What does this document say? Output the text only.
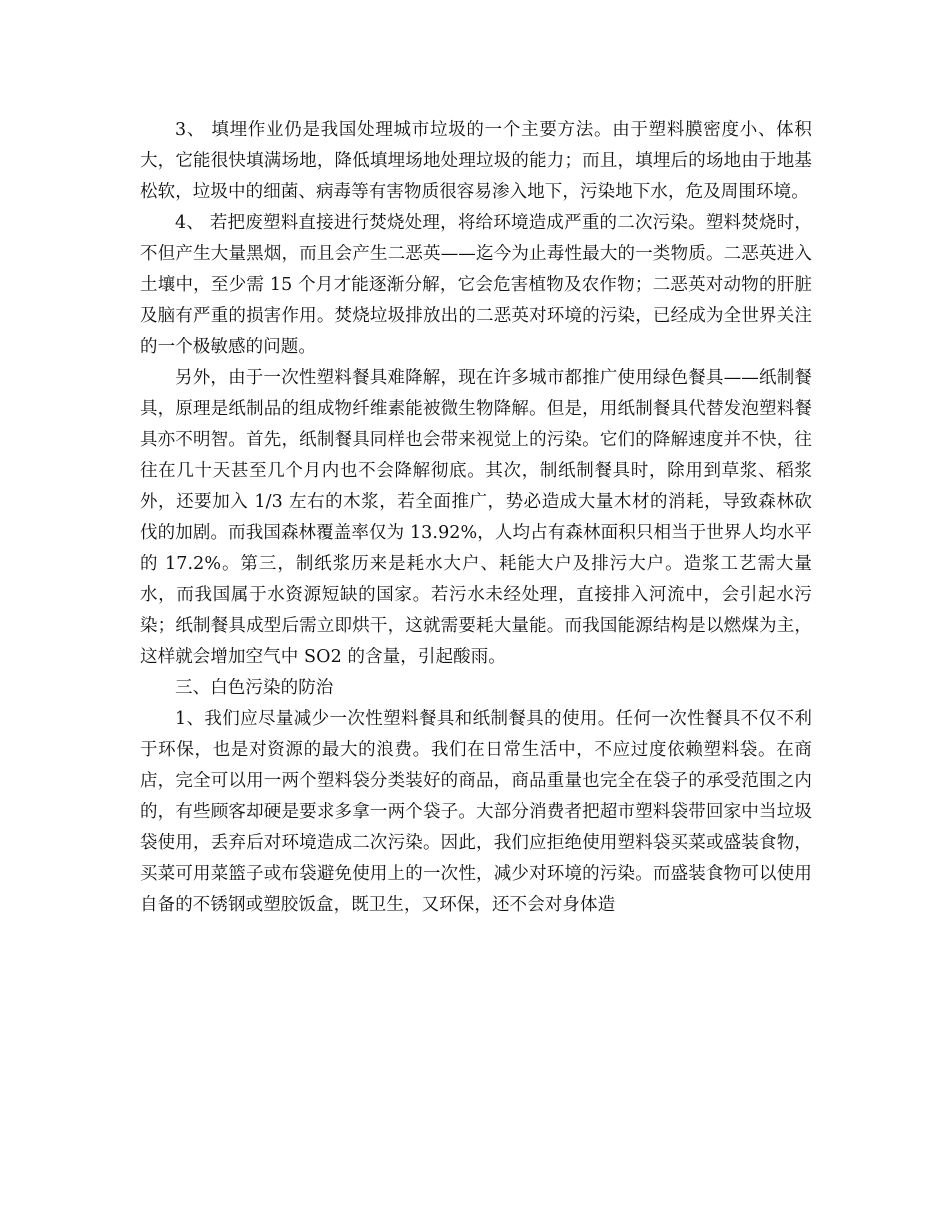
3、 填埋作业仍是我国处理城市垃圾的一个主要方法。由于塑料膜密度小、体积大，它能很快填满场地，降低填埋场地处理垃圾的能力；而且，填埋后的场地由于地基松软，垃圾中的细菌、病毒等有害物质很容易渗入地下，污染地下水，危及周围环境。

4、 若把废塑料直接进行焚烧处理，将给环境造成严重的二次污染。塑料焚烧时，不但产生大量黑烟，而且会产生二恶英——迄今为止毒性最大的一类物质。二恶英进入土壤中，至少需 15 个月才能逐渐分解，它会危害植物及农作物；二恶英对动物的肝脏及脑有严重的损害作用。焚烧垃圾排放出的二恶英对环境的污染，已经成为全世界关注的一个极敏感的问题。

另外，由于一次性塑料餐具难降解，现在许多城市都推广使用绿色餐具——纸制餐具，原理是纸制品的组成物纤维素能被微生物降解。但是，用纸制餐具代替发泡塑料餐具亦不明智。首先，纸制餐具同样也会带来视觉上的污染。它们的降解速度并不快，往往在几十天甚至几个月内也不会降解彻底。其次，制纸制餐具时，除用到草浆、稻浆外，还要加入 1/3 左右的木浆，若全面推广，势必造成大量木材的消耗，导致森林砍伐的加剧。而我国森林覆盖率仅为 13.92%，人均占有森林面积只相当于世界人均水平的 17.2%。第三，制纸浆历来是耗水大户、耗能大户及排污大户。造浆工艺需大量水，而我国属于水资源短缺的国家。若污水未经处理，直接排入河流中，会引起水污染；纸制餐具成型后需立即烘干，这就需要耗大量能。而我国能源结构是以燃煤为主，这样就会增加空气中 SO2 的含量，引起酸雨。

三、白色污染的防治

1、我们应尽量减少一次性塑料餐具和纸制餐具的使用。任何一次性餐具不仅不利于环保，也是对资源的最大的浪费。我们在日常生活中，不应过度依赖塑料袋。在商店，完全可以用一两个塑料袋分类装好的商品，商品重量也完全在袋子的承受范围之内的，有些顾客却硬是要求多拿一两个袋子。大部分消费者把超市塑料袋带回家中当垃圾袋使用，丢弃后对环境造成二次污染。因此，我们应拒绝使用塑料袋买菜或盛装食物，买菜可用菜篮子或布袋避免使用上的一次性，减少对环境的污染。而盛装食物可以使用自备的不锈钢或塑胶饭盒，既卫生，又环保，还不会对身体造
